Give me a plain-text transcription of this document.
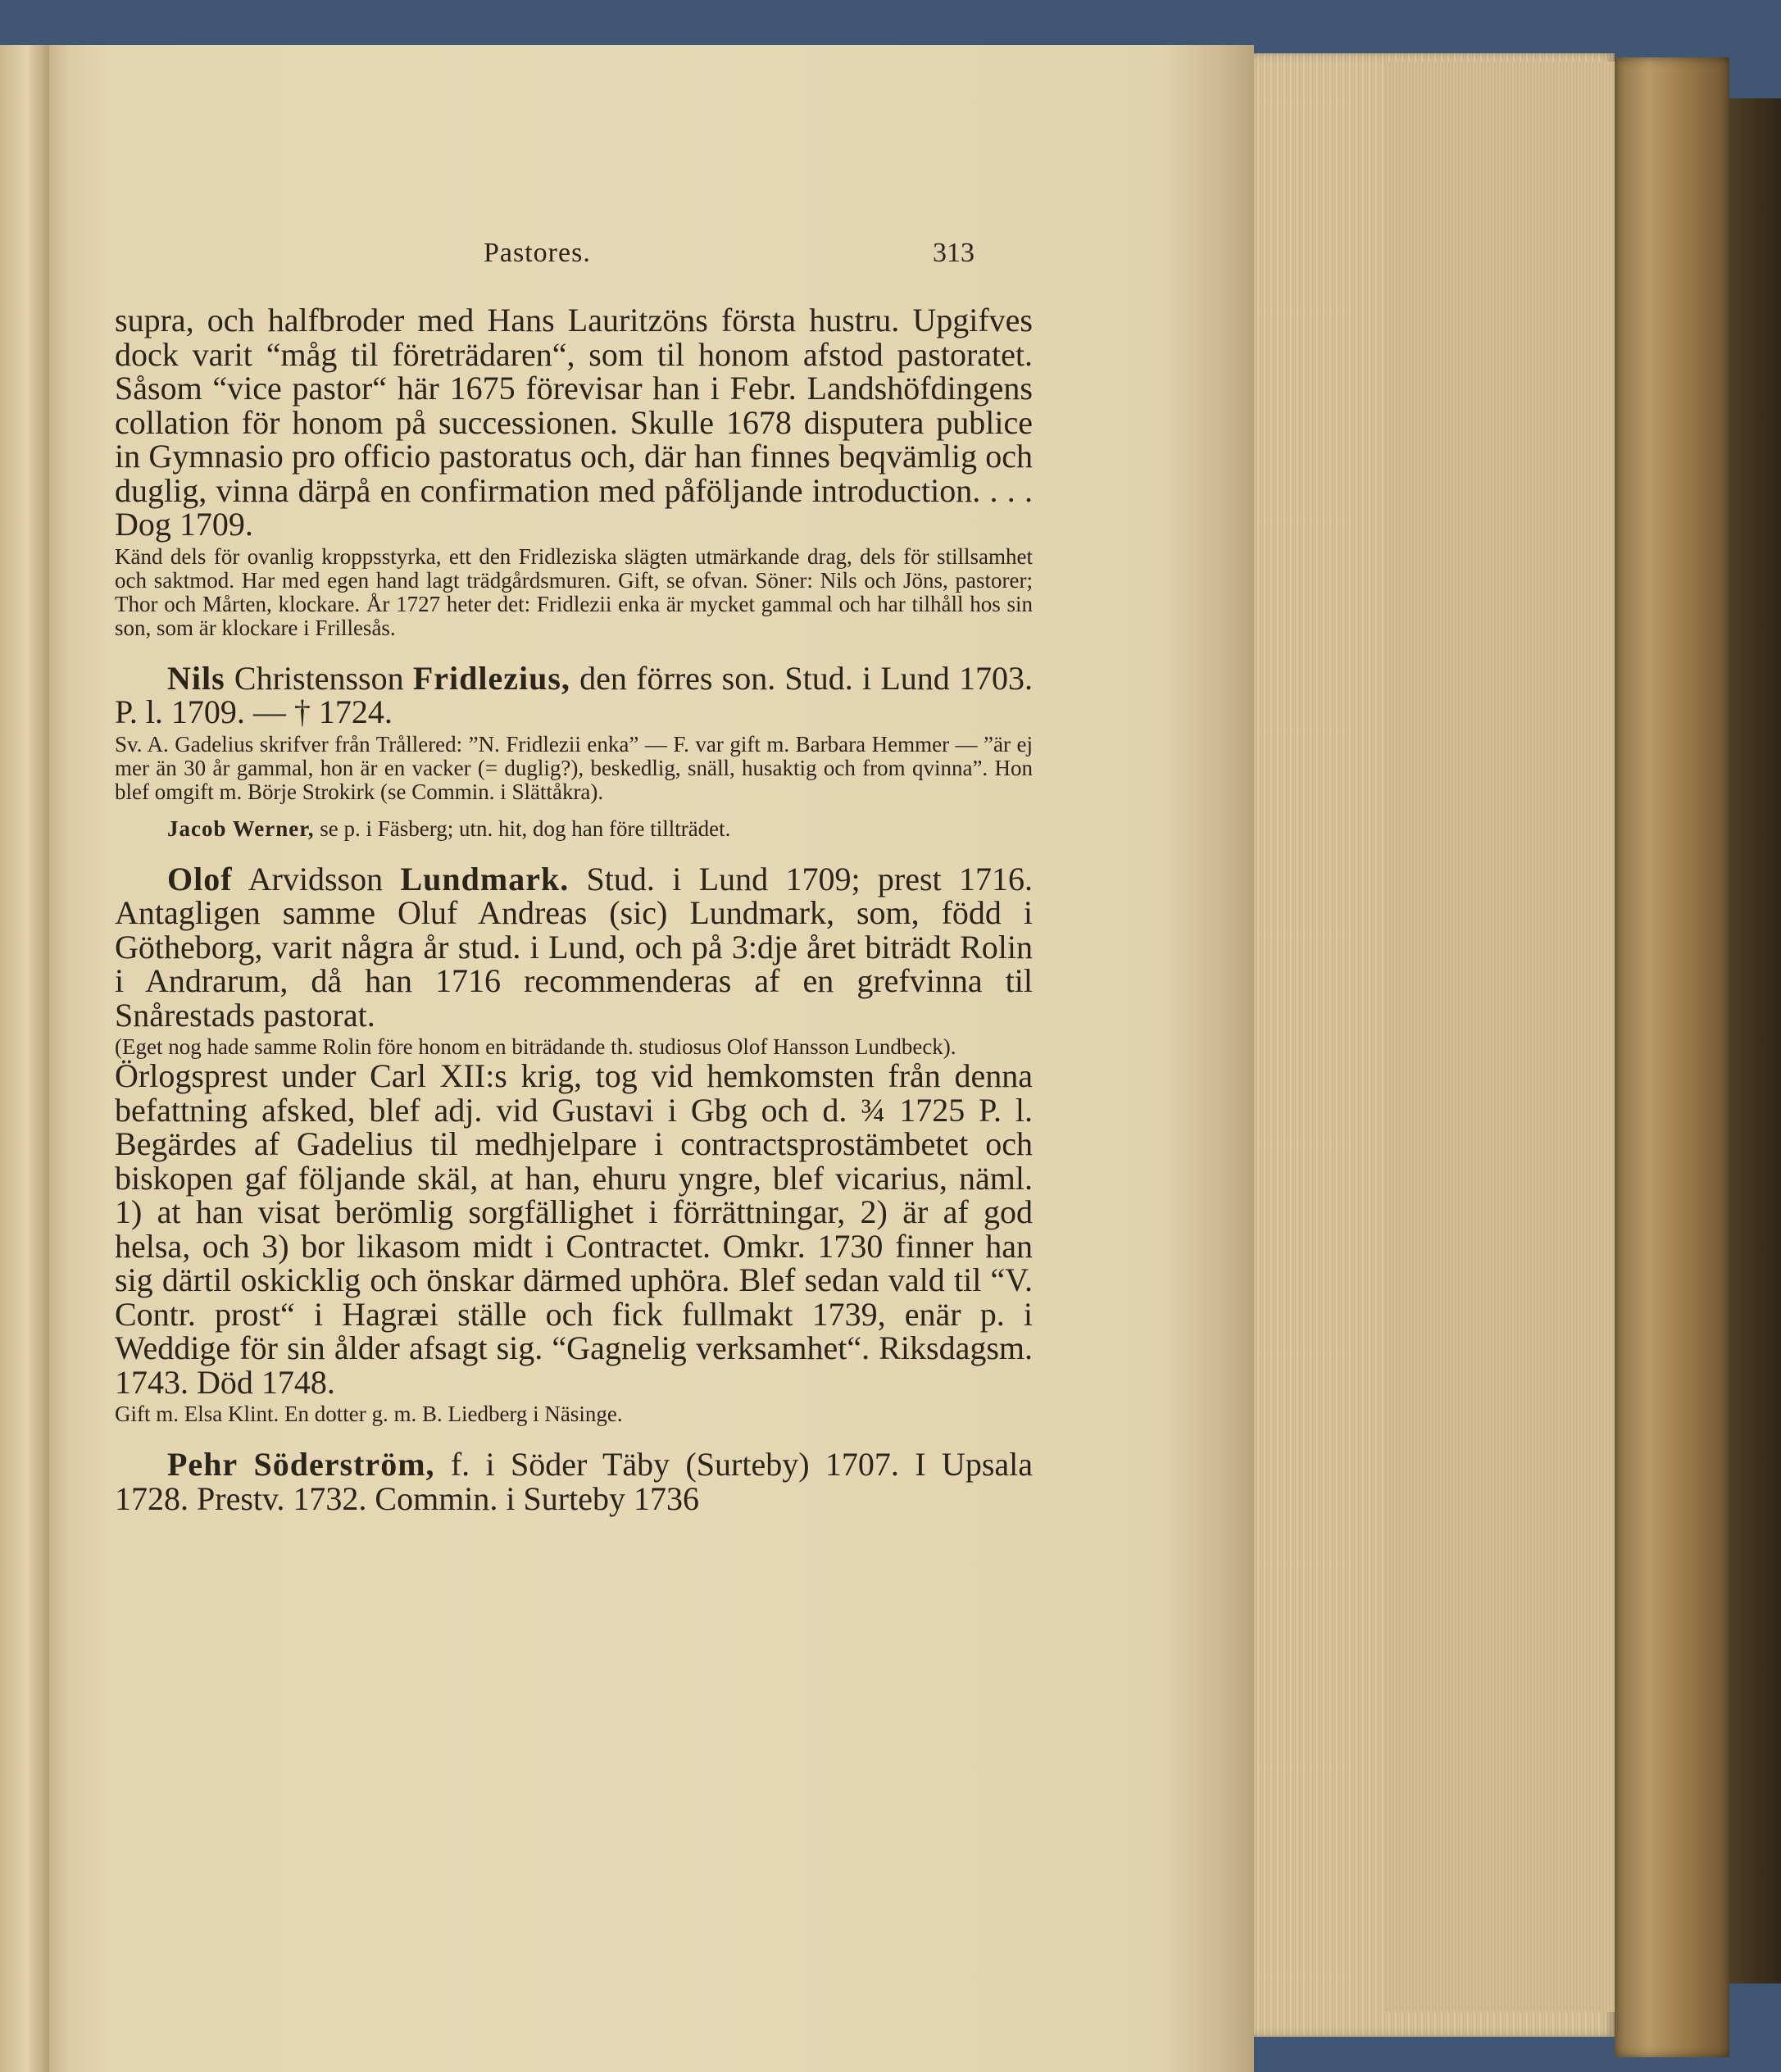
Pastores.	313

supra, och halfbroder med Hans Lauritzöns första hustru. Upgifves dock varit “måg til företrädaren“, som til honom afstod pastoratet. Såsom “vice pastor“ här 1675 förevisar han i Febr. Landshöfdingens collation för honom på successionen. Skulle 1678 disputera publice in Gymnasio pro officio pastoratus och, där han finnes beqvämlig och duglig, vinna därpå en confirmation med påföljande introduction. . . . Dog 1709.

Känd dels för ovanlig kroppsstyrka, ett den Fridleziska slägten utmärkande drag, dels för stillsamhet och saktmod. Har med egen hand lagt trädgårdsmuren. Gift, se ofvan. Söner: Nils och Jöns, pastorer; Thor och Mårten, klockare. År 1727 heter det: Fridlezii enka är mycket gammal och har tilhåll hos sin son, som är klockare i Frillesås.

Nils Christensson Fridlezius, den förres son. Stud. i Lund 1703. P. l. 1709. — † 1724.

Sv. A. Gadelius skrifver från Trållered: ”N. Fridlezii enka” — F. var gift m. Barbara Hemmer — ”är ej mer än 30 år gammal, hon är en vacker (= duglig?), beskedlig, snäll, husaktig och from qvinna”. Hon blef omgift m. Börje Strokirk (se Commin. i Slättåkra).

Jacob Werner, se p. i Fäsberg; utn. hit, dog han före tillträdet.

Olof Arvidsson Lundmark. Stud. i Lund 1709; prest 1716. Antagligen samme Oluf Andreas (sic) Lundmark, som, född i Götheborg, varit några år stud. i Lund, och på 3:dje året biträdt Rolin i Andrarum, då han 1716 recommenderas af en grefvinna til Snårestads pastorat.

(Eget nog hade samme Rolin före honom en biträdande th. studiosus Olof Hansson Lundbeck).

Örlogsprest under Carl XII:s krig, tog vid hemkomsten från denna befattning afsked, blef adj. vid Gustavi i Gbg och d. ¾ 1725 P. l. Begärdes af Gadelius til medhjelpare i contractsprostämbetet och biskopen gaf följande skäl, at han, ehuru yngre, blef vicarius, näml. 1) at han visat berömlig sorgfällighet i förrättningar, 2) är af god helsa, och 3) bor likasom midt i Contractet. Omkr. 1730 finner han sig därtil oskicklig och önskar därmed uphöra. Blef sedan vald til “V. Contr. prost“ i Hagræi ställe och fick fullmakt 1739, enär p. i Weddige för sin ålder afsagt sig. “Gagnelig verksamhet“. Riksdagsm. 1743. Död 1748.

Gift m. Elsa Klint. En dotter g. m. B. Liedberg i Näsinge.

Pehr Söderström, f. i Söder Täby (Surteby) 1707. I Upsala 1728. Prestv. 1732. Commin. i Surteby 1736
